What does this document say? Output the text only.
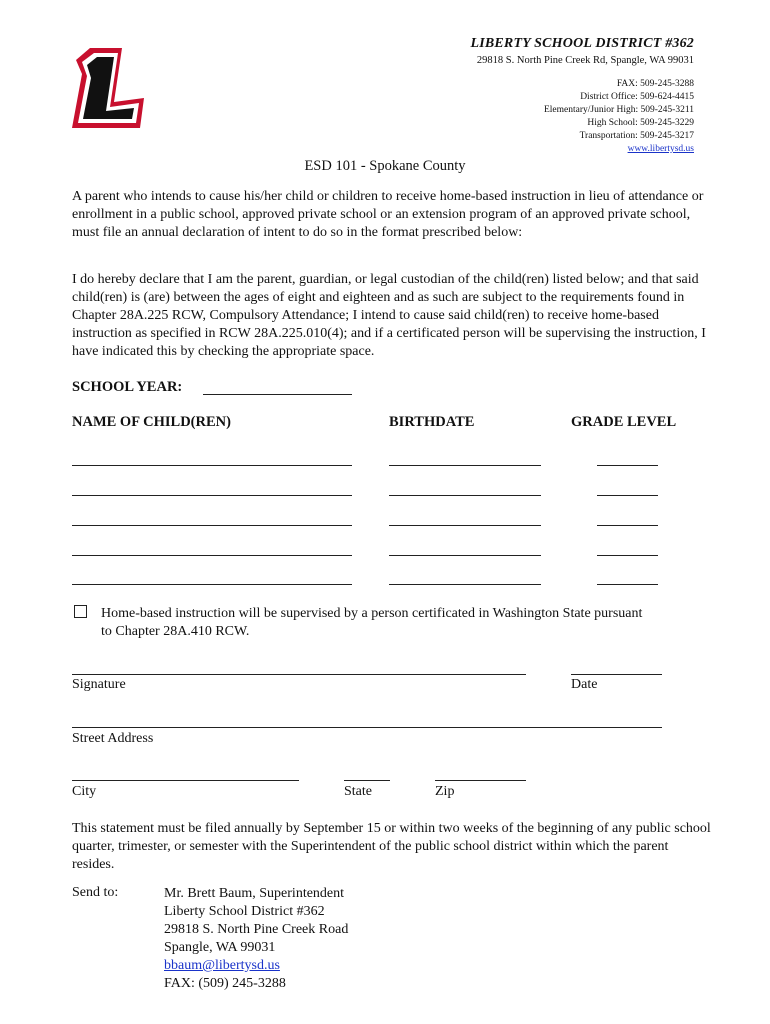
LIBERTY SCHOOL DISTRICT #362
29818 S. North Pine Creek Rd, Spangle, WA 99031
FAX: 509-245-3288
District Office: 509-624-4415
Elementary/Junior High: 509-245-3211
High School: 509-245-3229
Transportation: 509-245-3217
www.libertysd.us
ESD 101 - Spokane County
A parent who intends to cause his/her child or children to receive home-based instruction in lieu of attendance or enrollment in a public school, approved private school or an extension program of an approved private school, must file an annual declaration of intent to do so in the format prescribed below:
I do hereby declare that I am the parent, guardian, or legal custodian of the child(ren) listed below; and that said child(ren) is (are) between the ages of eight and eighteen and as such are subject to the requirements found in Chapter 28A.225 RCW, Compulsory Attendance; I intend to cause said child(ren) to receive home-based instruction as specified in RCW 28A.225.010(4); and if a certificated person will be supervising the instruction, I have indicated this by checking the appropriate space.
SCHOOL YEAR:
NAME OF CHILD(REN)	BIRTHDATE	GRADE LEVEL
Home-based instruction will be supervised by a person certificated in Washington State pursuant
to Chapter 28A.410 RCW.
Signature	Date
Street Address
City	State	Zip
This statement must be filed annually by September 15 or within two weeks of the beginning of any public school quarter, trimester, or semester with the Superintendent of the public school district within which the parent resides.
Send to:	Mr. Brett Baum, Superintendent
Liberty School District #362
29818 S. North Pine Creek Road
Spangle, WA 99031
bbaum@libertysd.us
FAX: (509) 245-3288
